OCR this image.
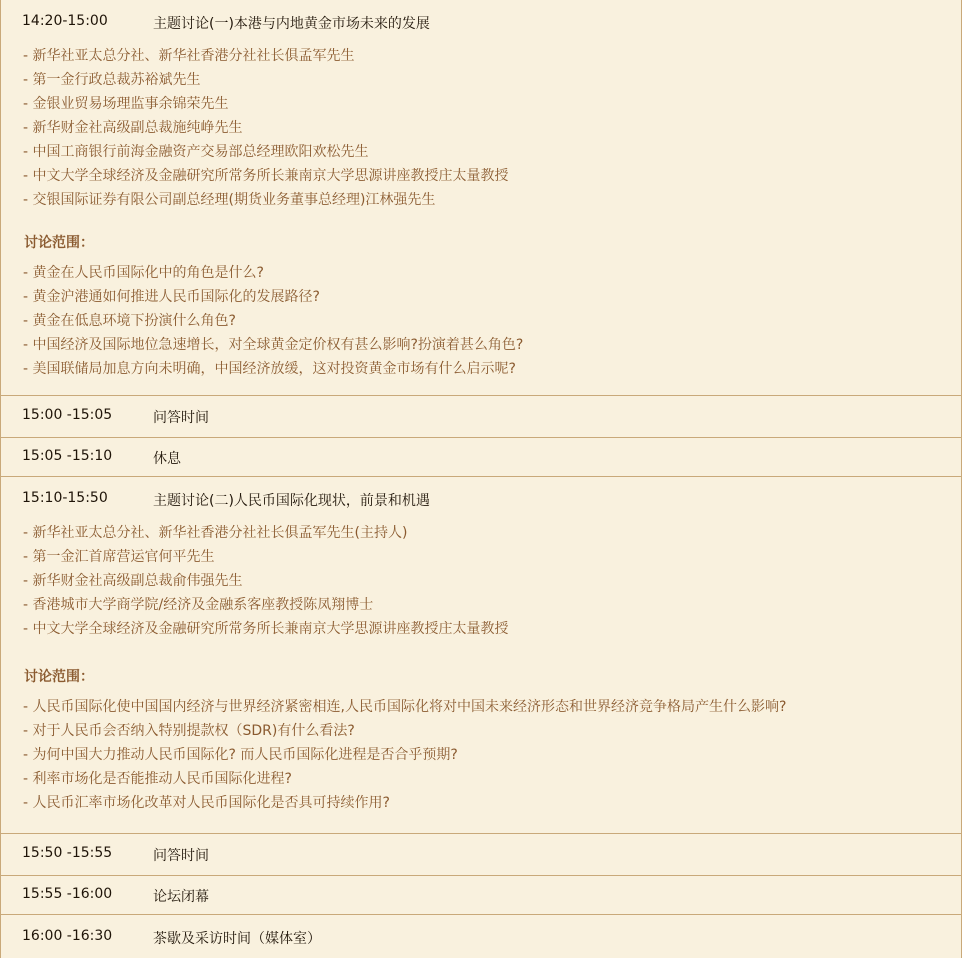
14:20-15:00	主题讨论(一)本港与内地黄金市场未来的发展
- 新华社亚太总分社、新华社香港分社社长俱孟军先生
- 第一金行政总裁苏裕斌先生
- 金银业贸易场理监事余锦荣先生
- 新华财金社高级副总裁施纯峥先生
- 中国工商银行前海金融资产交易部总经理欧阳欢松先生
- 中文大学全球经济及金融研究所常务所长兼南京大学思源讲座教授庄太量教授
- 交银国际证券有限公司副总经理(期货业务董事总经理)江林强先生
讨论范围：
- 黄金在人民币国际化中的角色是什么?
- 黄金沪港通如何推进人民币国际化的发展路径?
- 黄金在低息环境下扮演什么角色?
- 中国经济及国际地位急速增长，对全球黄金定价权有甚么影响?扮演着甚么角色?
- 美国联储局加息方向未明确，中国经济放缓，这对投资黄金市场有什么启示呢?
15:00 -15:05	问答时间
15:05 -15:10	休息
15:10-15:50	主题讨论(二)人民币国际化现状，前景和机遇
- 新华社亚太总分社、新华社香港分社社长俱孟军先生(主持人)
- 第一金汇首席营运官何平先生
- 新华财金社高级副总裁俞伟强先生
- 香港城市大学商学院/经济及金融系客座教授陈凤翔博士
- 中文大学全球经济及金融研究所常务所长兼南京大学思源讲座教授庄太量教授
讨论范围：
- 人民币国际化使中国国内经济与世界经济紧密相连,人民币国际化将对中国未来经济形态和世界经济竞争格局产生什么影响?
- 对于人民币会否纳入特别提款权（SDR)有什么看法?
- 为何中国大力推动人民币国际化? 而人民币国际化进程是否合乎预期?
- 利率市场化是否能推动人民币国际化进程?
- 人民币汇率市场化改革对人民币国际化是否具可持续作用?
15:50 -15:55	问答时间
15:55 -16:00	论坛闭幕
16:00 -16:30	茶歇及采访时间（媒体室）
